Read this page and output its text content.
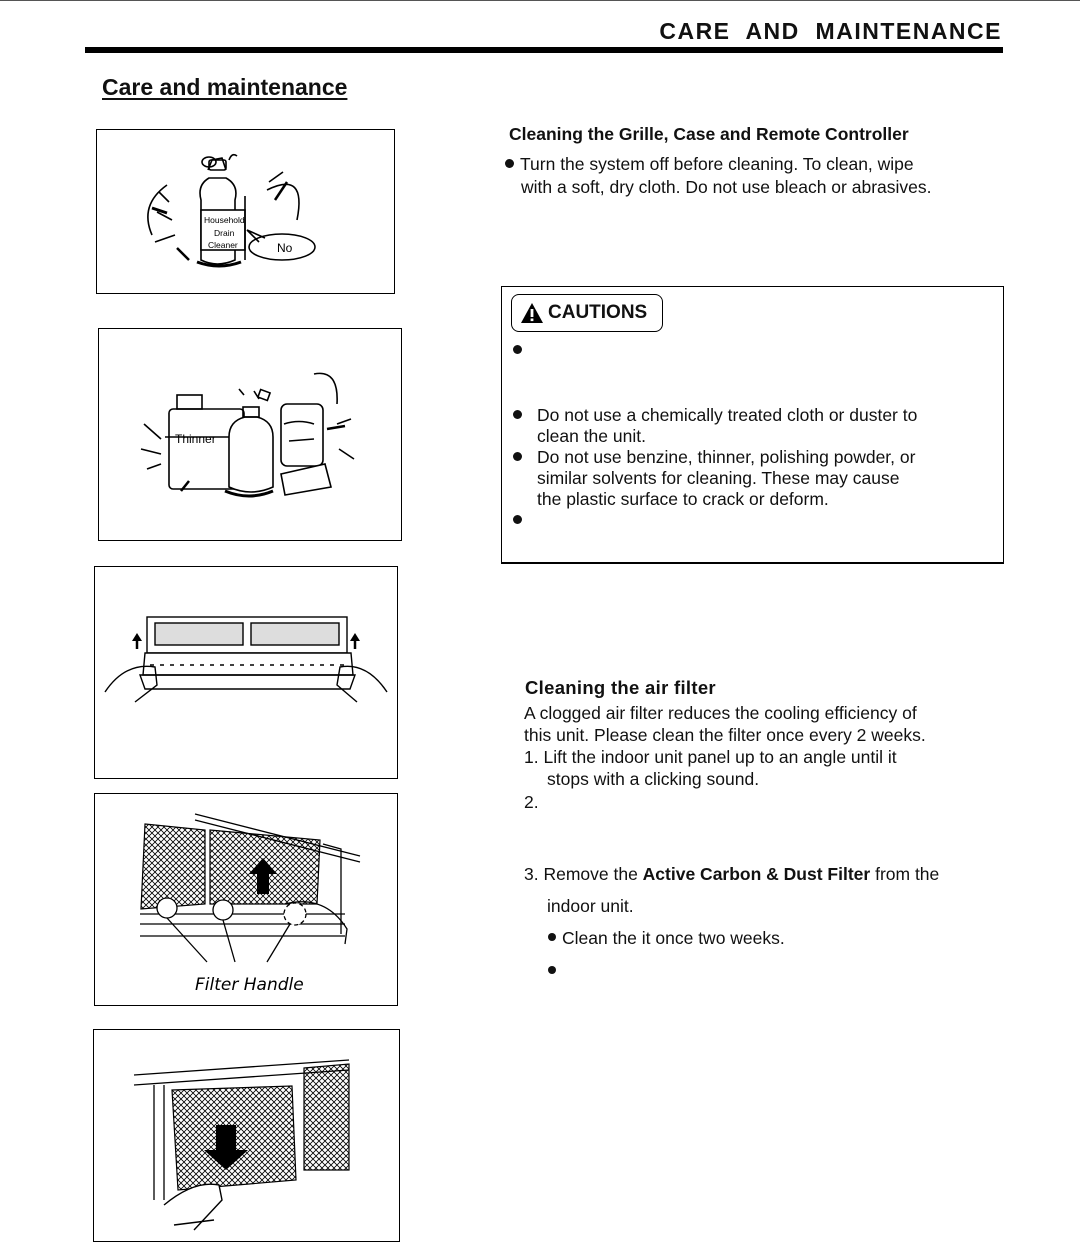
CARE  AND  MAINTENANCE
Care and maintenance
Household
Drain
Cleaner	No
Thinner
Filter Handle
Cleaning the Grille, Case and Remote Controller
Turn the system off before cleaning. To clean, wipe
with a soft, dry cloth. Do not use bleach or abrasives.
CAUTIONS
Do not use a chemically treated cloth or duster to
clean the unit.
Do not use benzine, thinner, polishing powder, or
similar solvents for cleaning. These may cause
the plastic surface to crack or deform.
Cleaning the air filter
A clogged air filter reduces the cooling efficiency of
this unit. Please clean the filter once every 2 weeks.
1. Lift the indoor unit panel up to an angle until it
stops with a clicking sound.
2.
3. Remove the Active Carbon & Dust Filter from the
indoor unit.
Clean the it once two weeks.
